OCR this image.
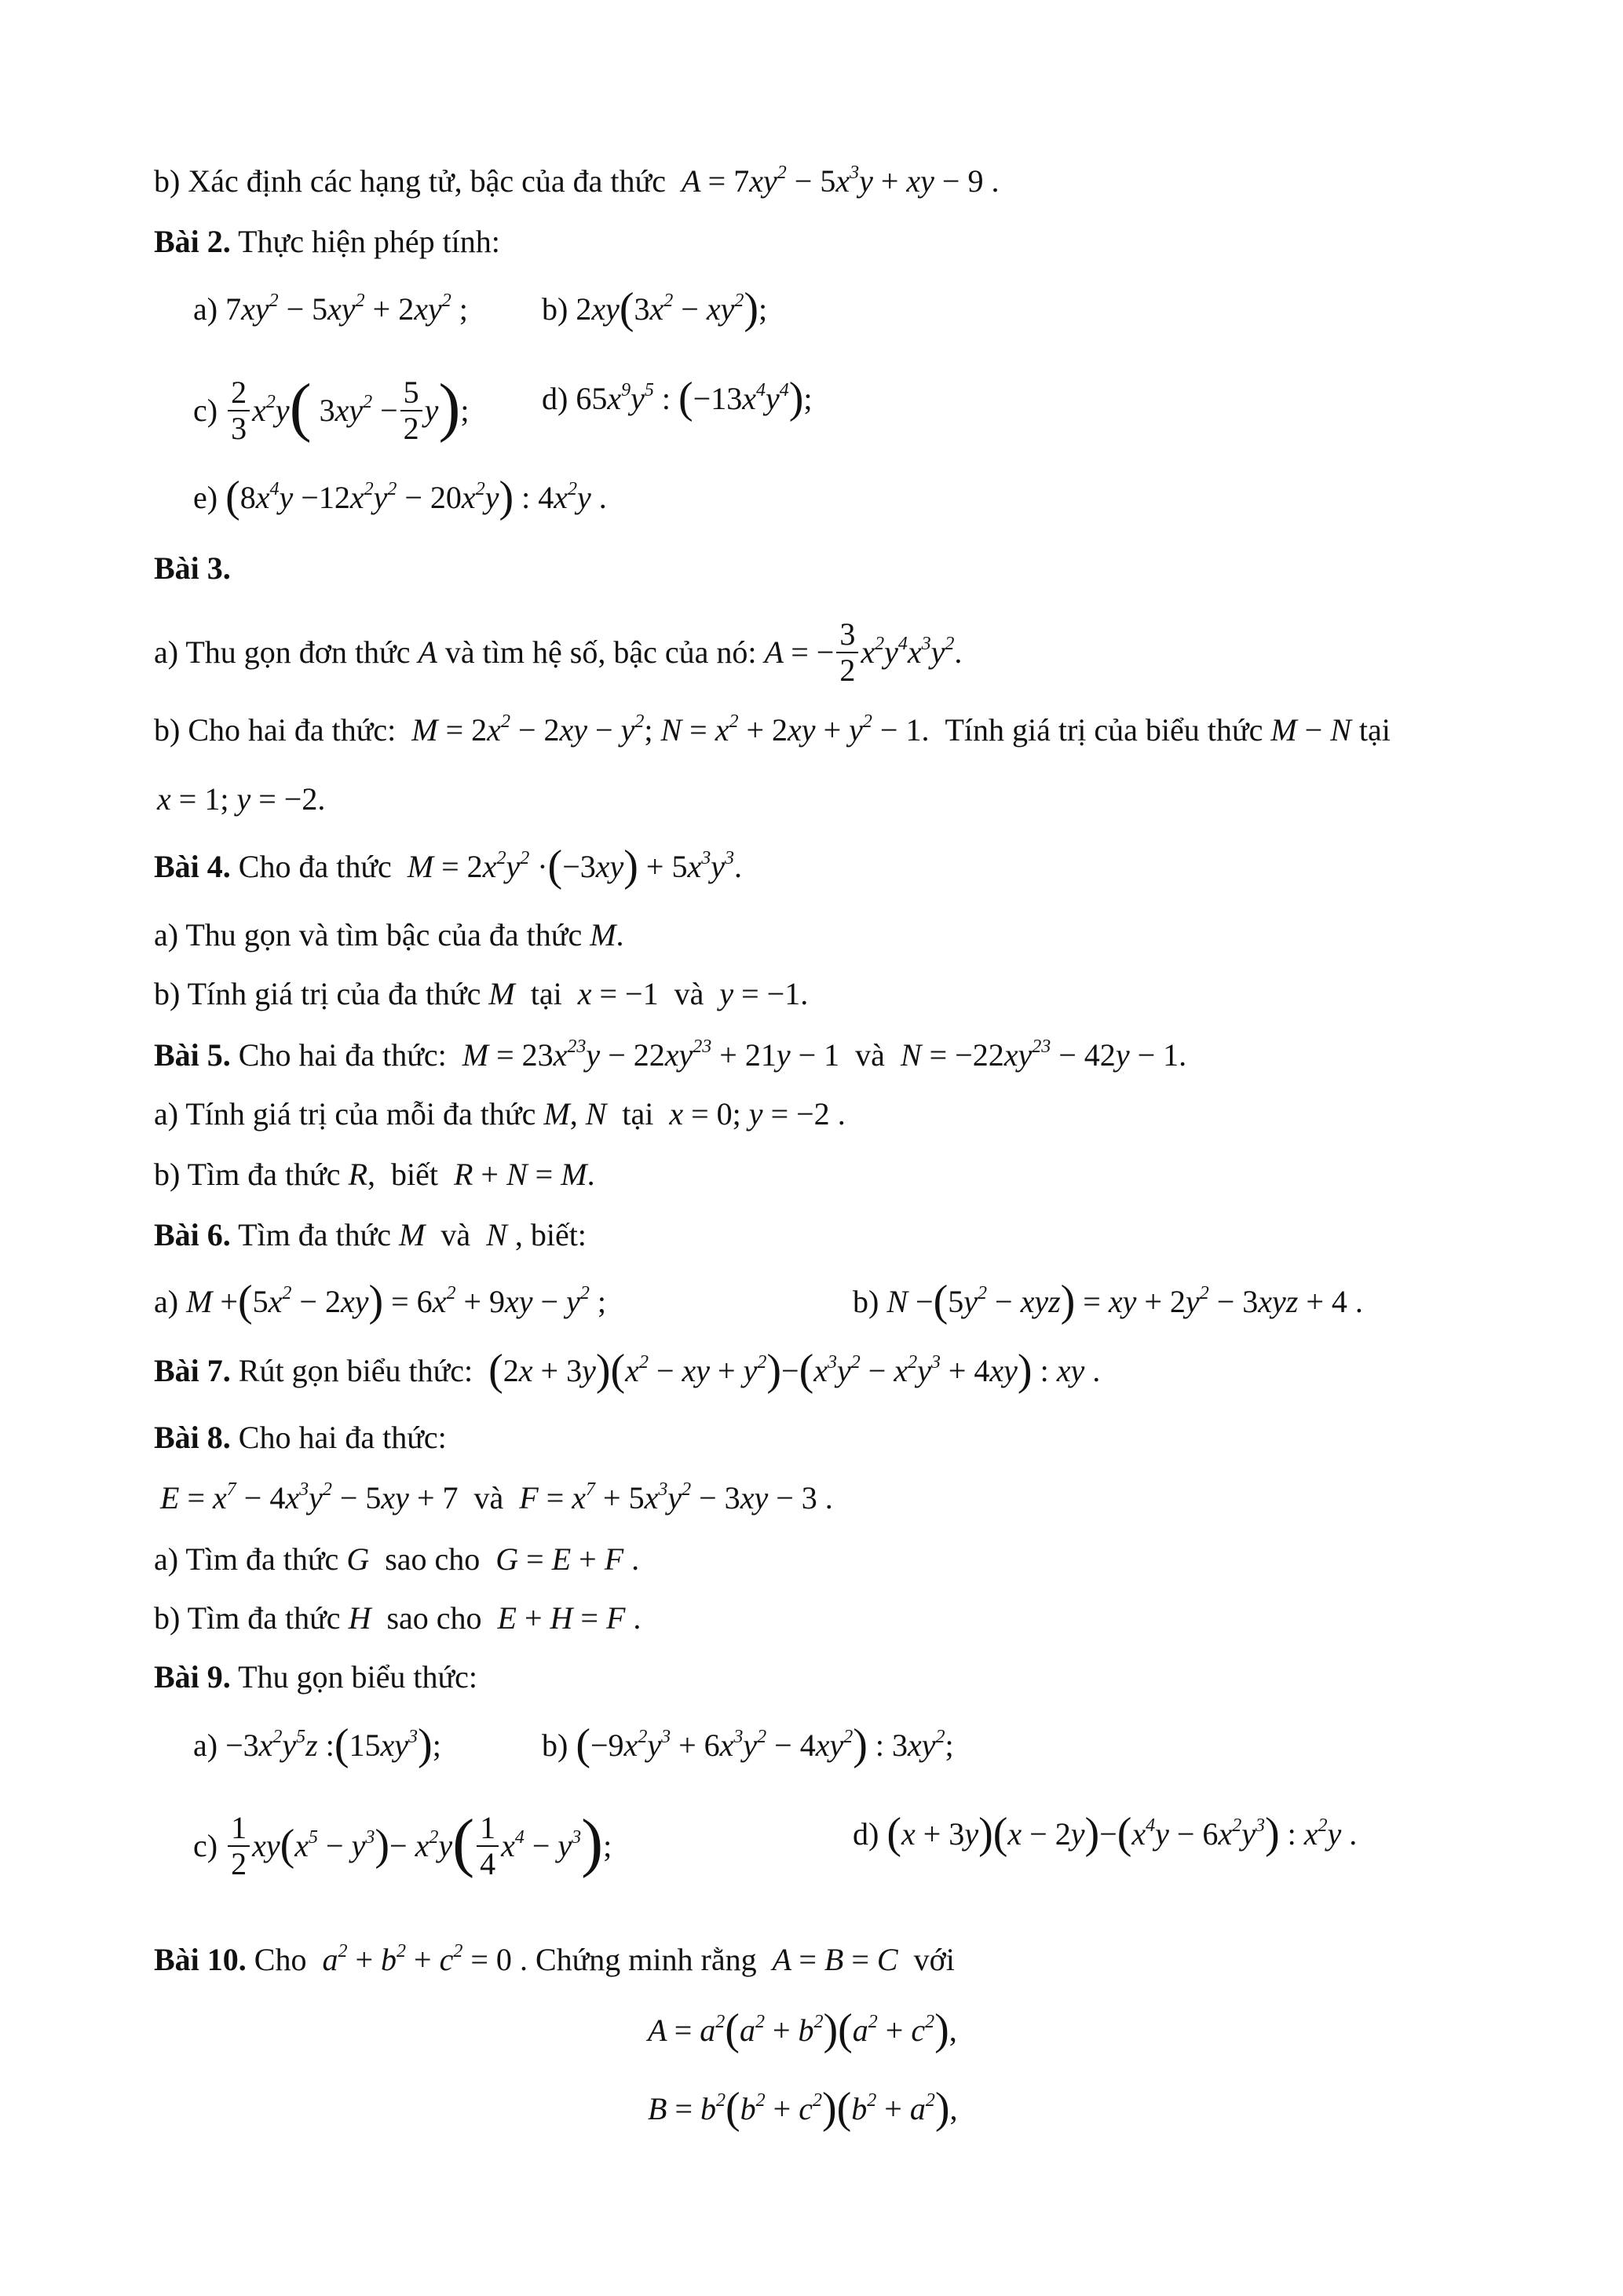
b) Xác định các hạng tử, bậc của đa thức $A = 7xy^2 - 5x^3y$ + xy − 9 .
Bài 2. Thực hiện phép tính:
a) $7xy^2 - 5xy^2 + 2xy^2$ ; b) $2xy(3x^2 - xy^2)$;
$c) \frac{2}{3} x^2y$( $3xy^2 - \frac{5}{2} y$); d) $65x^9y^5$ : $(-13x^4y^4)$;
e) $(8x^4y -12x^2y^2 - 20x^2y)$ : $4x^2y$ .
Bài 3.
a) Thu gọn đơn thức A và tìm hệ số, bậc của nó: A = − $\frac{3}{2} x^2y^4x^3y^2$.
b) Cho hai đa thức: $M = 2x^2 - 2xy - y^2$; $N = x^2 + 2xy + y^2 - 1$. Tính giá trị của biểu thức M − N tại
x = 1; y = −2.
Bài 4. Cho đa thức $M = 2x^2y^2 \cdot(-3xy) + 5x^3y^3$.
a) Thu gọn và tìm bậc của đa thức M.
b) Tính giá trị của đa thức M  tại  x = −1  và  y = −1.
Bài 5. Cho hai đa thức: $M = 23x^{23}y - 22xy^{23} + 21y - 1$  và  $N = -22xy^{23} - 42y - 1$.
a) Tính giá trị của mỗi đa thức M, N  tại  x = 0; y = −2 .
b) Tìm đa thức R,  biết  R + N = M.
Bài 6. Tìm đa thức M  và  N , biết:
a) $M +(5x^2 - 2xy) = 6x^2 + 9xy - y^2$ ;	b) $N -(5y^2 - xyz)$ = xy + $2y^2 - 3xyz + 4$ .
Bài 7. Rút gọn biểu thức: $(2x + 3y)(x^2$ − xy + $y^2)-(x^3y^2 - x^2y^3 + 4xy)$ : xy .
Bài 8. Cho hai đa thức:
$E = x^7 - 4x^3y^2 - 5xy + 7$  và  $F = x^7 + 5x^3y^2 - 3xy - 3$ .
a) Tìm đa thức G  sao cho  G = E + F .
b) Tìm đa thức H  sao cho  E + H = F .
Bài 9. Thu gọn biểu thức:
$a) -3x^2y^5z$ $:(15xy^3)$;	b) $(-9x^2y^3 + 6x^3y^2 - 4xy^2)$ : $3xy^2$;
$c) \frac{1}{2} xy(x^5 - y^3)- x^2y( \frac{1}{4} x^4 - y^3)$;	d) $(x + 3y)(x - 2y)-(x^4y - 6x^2y^3)$ : $x^2y$ .
Bài 10. Cho  $a^2 + b^2 + c^2 = 0$ . Chứng minh rằng  A = B = C  với
$A = a^2(a^2 + b^2)(a^2 + c^2)$,
$B = b^2(b^2 + c^2)(b^2 + a^2)$,
